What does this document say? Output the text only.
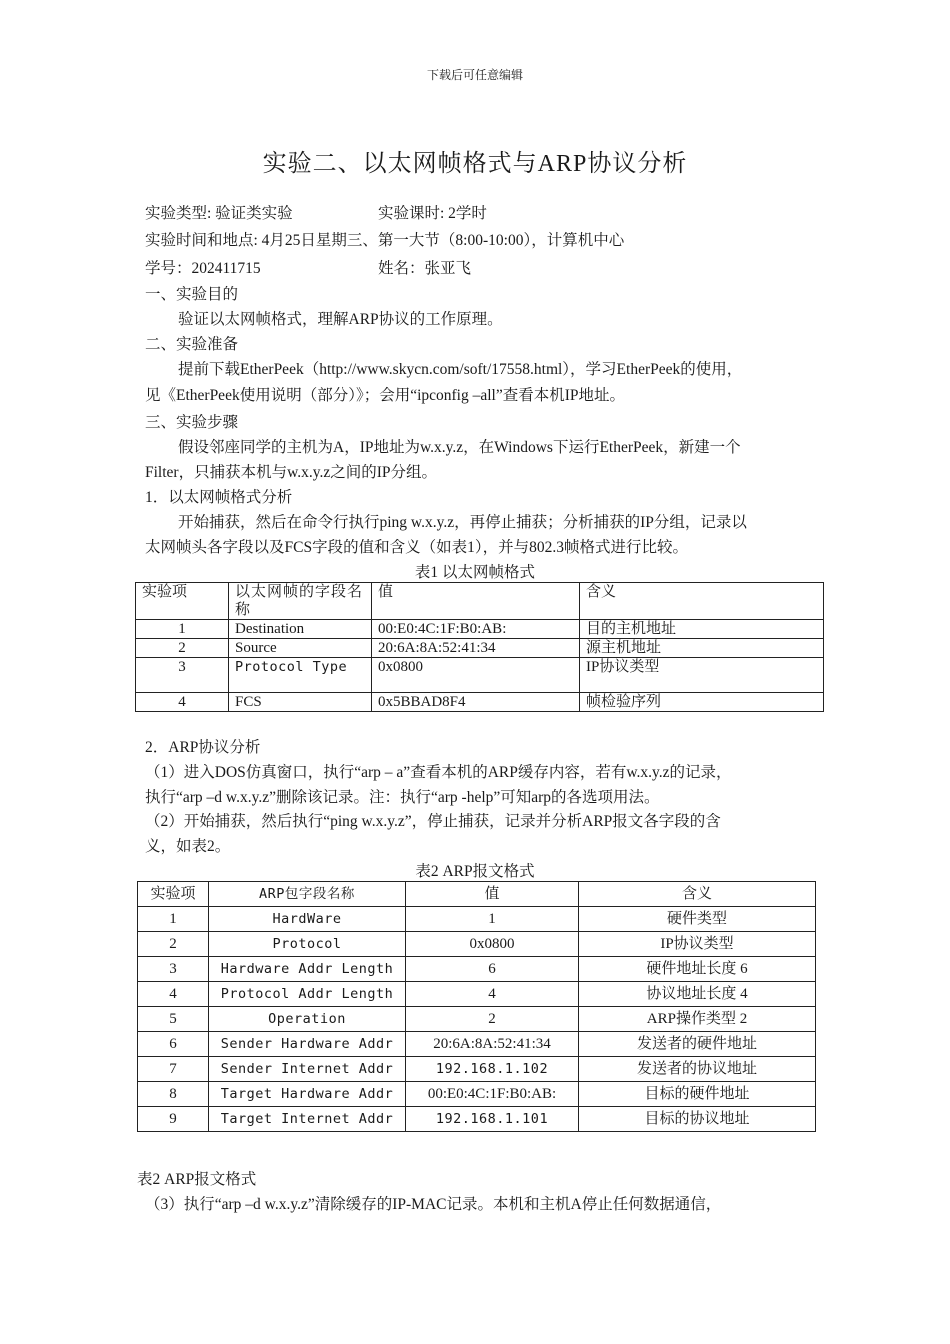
下载后可任意编辑
实验二、以太网帧格式与ARP协议分析
实验类型: 验证类实验	实验课时: 2学时
实验时间和地点: 4月25日星期三、第一大节（8:00-10:00），计算机中心
学号：202411715	姓名：张亚飞
一、实验目的
验证以太网帧格式，理解ARP协议的工作原理。
二、实验准备
提前下载EtherPeek（http://www.skycn.com/soft/17558.html），学习EtherPeek的使用，
见《EtherPeek使用说明（部分）》；会用“ipconfig –all”查看本机IP地址。
三、实验步骤
假设邻座同学的主机为A，IP地址为w.x.y.z，在Windows下运行EtherPeek，新建一个
Filter，只捕获本机与w.x.y.z之间的IP分组。
1．以太网帧格式分析
开始捕获，然后在命令行执行ping w.x.y.z，再停止捕获；分析捕获的IP分组，记录以
太网帧头各字段以及FCS字段的值和含义（如表1），并与802.3帧格式进行比较。
表1 以太网帧格式
实验项	以太网帧的字段名称	值	含义
1	Destination	00:E0:4C:1F:B0:AB:	目的主机地址
2	Source	20:6A:8A:52:41:34	源主机地址
3	Protocol Type	0x0800	IP协议类型
4	FCS	0x5BBAD8F4	帧检验序列
2．ARP协议分析
（1）进入DOS仿真窗口，执行“arp – a”查看本机的ARP缓存内容，若有w.x.y.z的记录，
执行“arp –d w.x.y.z”删除该记录。注：执行“arp -help”可知arp的各选项用法。
（2）开始捕获，然后执行“ping w.x.y.z”，停止捕获，记录并分析ARP报文各字段的含
义，如表2。
表2 ARP报文格式
实验项	ARP包字段名称	值	含义
1	HardWare	1	硬件类型
2	Protocol	0x0800	IP协议类型
3	Hardware Addr Length	6	硬件地址长度 6
4	Protocol Addr Length	4	协议地址长度 4
5	Operation	2	ARP操作类型 2
6	Sender Hardware Addr	20:6A:8A:52:41:34	发送者的硬件地址
7	Sender Internet Addr	192.168.1.102	发送者的协议地址
8	Target Hardware Addr	00:E0:4C:1F:B0:AB:	目标的硬件地址
9	Target Internet Addr	192.168.1.101	目标的协议地址
表2 ARP报文格式
（3）执行“arp –d w.x.y.z”清除缓存的IP-MAC记录。本机和主机A停止任何数据通信，
